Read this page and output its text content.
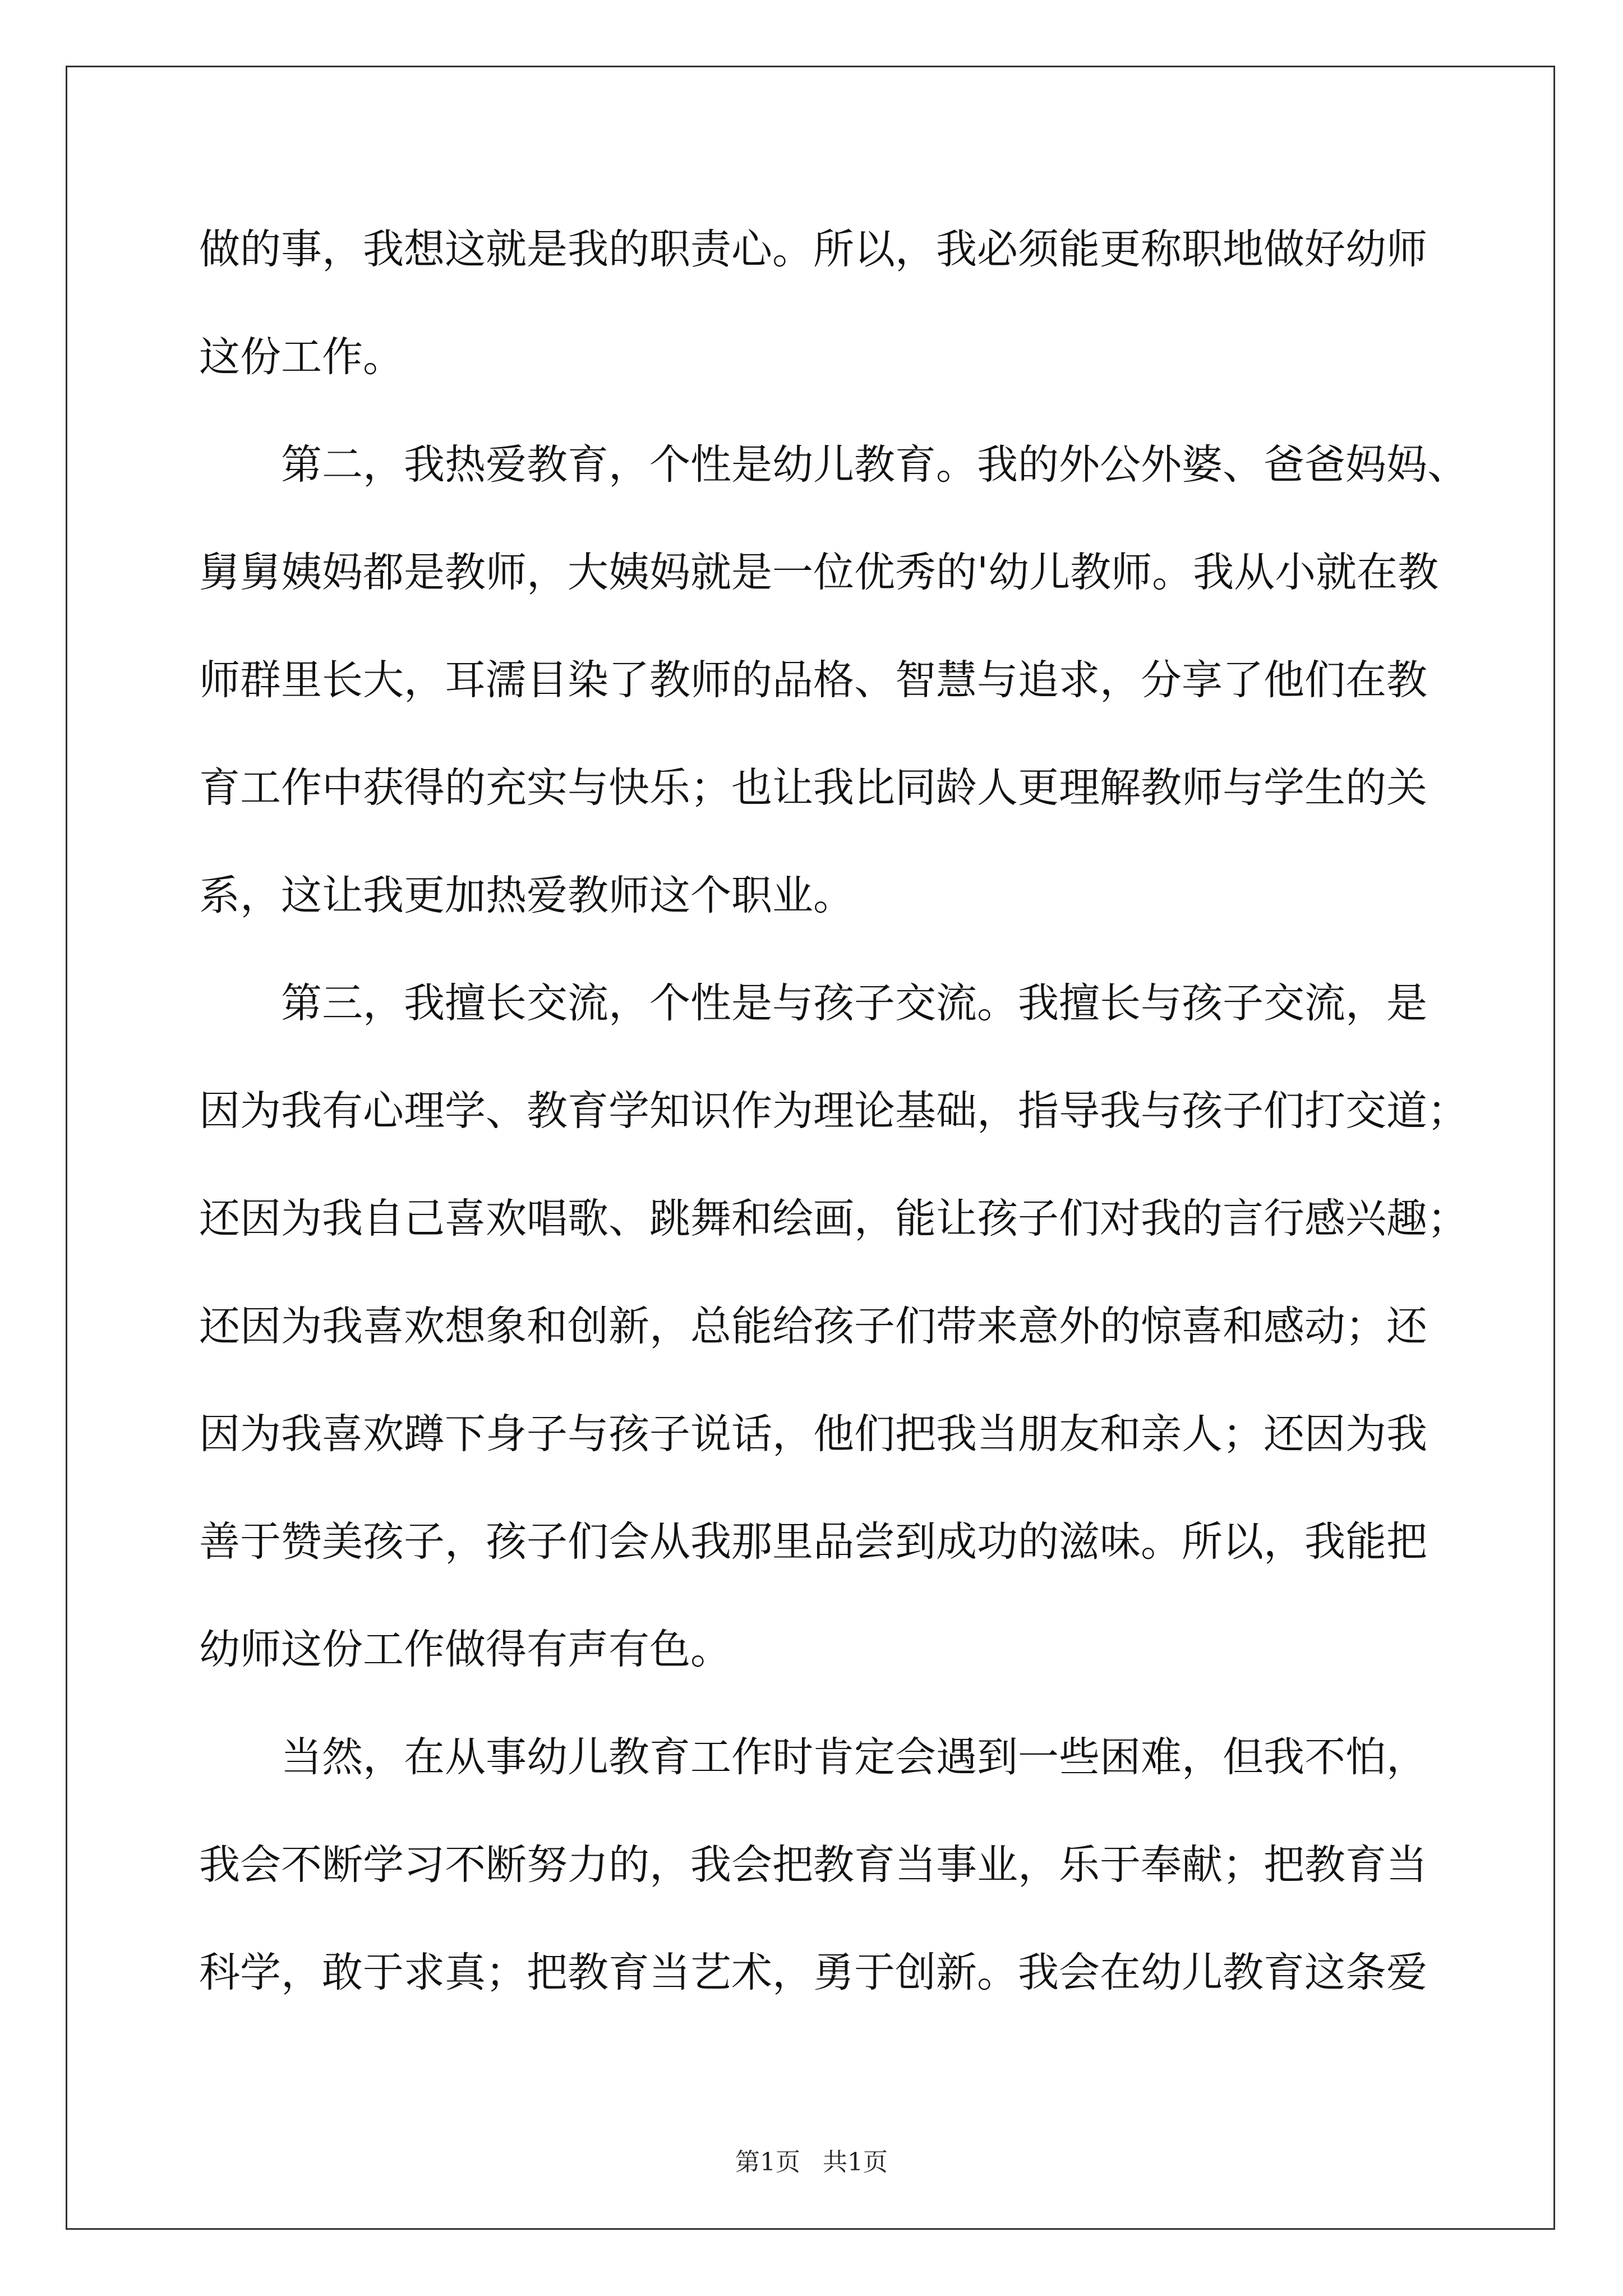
做的事，我想这就是我的职责心。所以，我必须能更称职地做好幼师
这份工作。
第二，我热爱教育，个性是幼儿教育。我的外公外婆、爸爸妈妈、
舅舅姨妈都是教师，大姨妈就是一位优秀的'幼儿教师。我从小就在教
师群里长大，耳濡目染了教师的品格、智慧与追求，分享了他们在教
育工作中获得的充实与快乐；也让我比同龄人更理解教师与学生的关
系，这让我更加热爱教师这个职业。
第三，我擅长交流，个性是与孩子交流。我擅长与孩子交流，是
因为我有心理学、教育学知识作为理论基础，指导我与孩子们打交道；
还因为我自己喜欢唱歌、跳舞和绘画，能让孩子们对我的言行感兴趣；
还因为我喜欢想象和创新，总能给孩子们带来意外的惊喜和感动；还
因为我喜欢蹲下身子与孩子说话，他们把我当朋友和亲人；还因为我
善于赞美孩子，孩子们会从我那里品尝到成功的滋味。所以，我能把
幼师这份工作做得有声有色。
当然，在从事幼儿教育工作时肯定会遇到一些困难，但我不怕，
我会不断学习不断努力的，我会把教育当事业，乐于奉献；把教育当
科学，敢于求真；把教育当艺术，勇于创新。我会在幼儿教育这条爱
第1页 共1页
